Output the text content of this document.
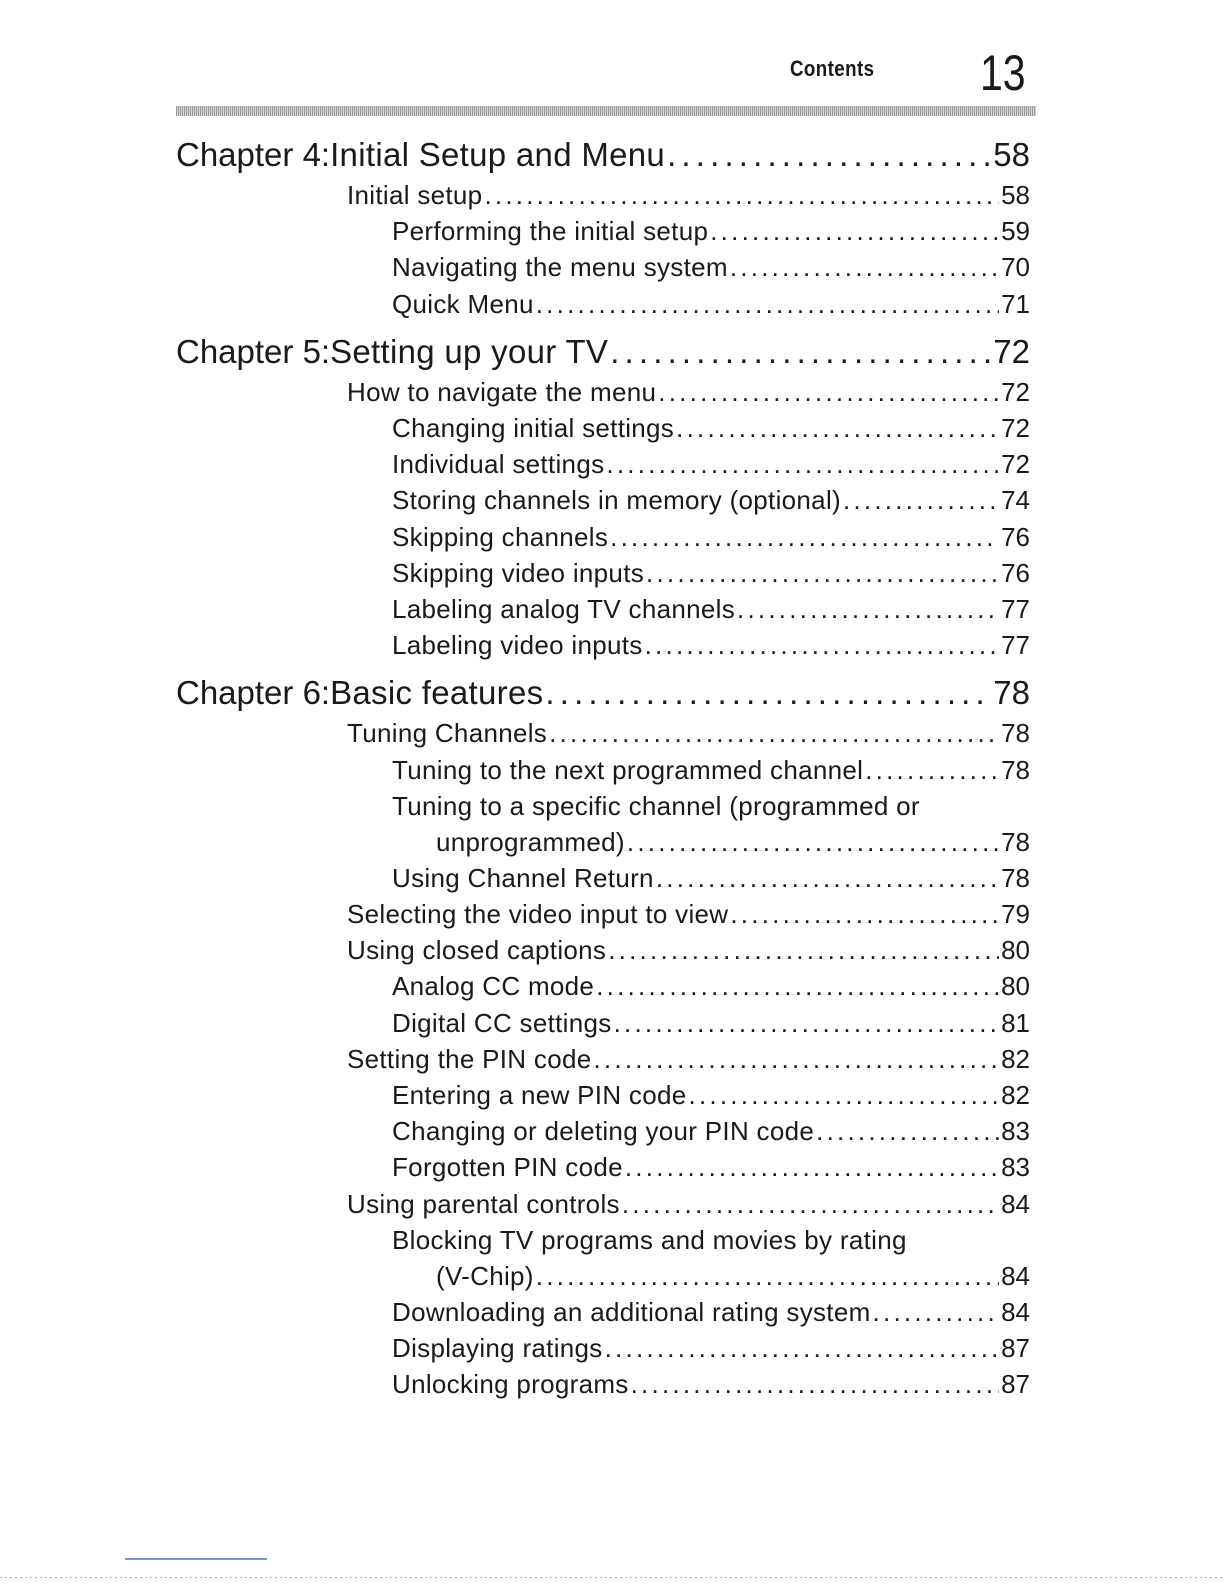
Contents 13
Chapter 4: Initial Setup and Menu . . .	58
Initial setup . . .	58
Performing the initial setup . . .	59
Navigating the menu system . . .	70
Quick Menu . . .	71
Chapter 5: Setting up your TV . . .	72
How to navigate the menu . . .	72
Changing initial settings . . .	72
Individual settings . . .	72
Storing channels in memory (optional) . . .	74
Skipping channels . . .	76
Skipping video inputs . . .	76
Labeling analog TV channels . . .	77
Labeling video inputs . . .	77
Chapter 6: Basic features . . .	78
Tuning Channels . . .	78
Tuning to the next programmed channel . . .	78
Tuning to a specific channel (programmed or
unprogrammed) . . .	78
Using Channel Return . . .	78
Selecting the video input to view . . .	79
Using closed captions . . .	80
Analog CC mode . . .	80
Digital CC settings . . .	81
Setting the PIN code . . .	82
Entering a new PIN code . . .	82
Changing or deleting your PIN code . . .	83
Forgotten PIN code . . .	83
Using parental controls . . .	84
Blocking TV programs and movies by rating
(V-Chip) . . .	84
Downloading an additional rating system . . .	84
Displaying ratings . . .	87
Unlocking programs . . .	87
